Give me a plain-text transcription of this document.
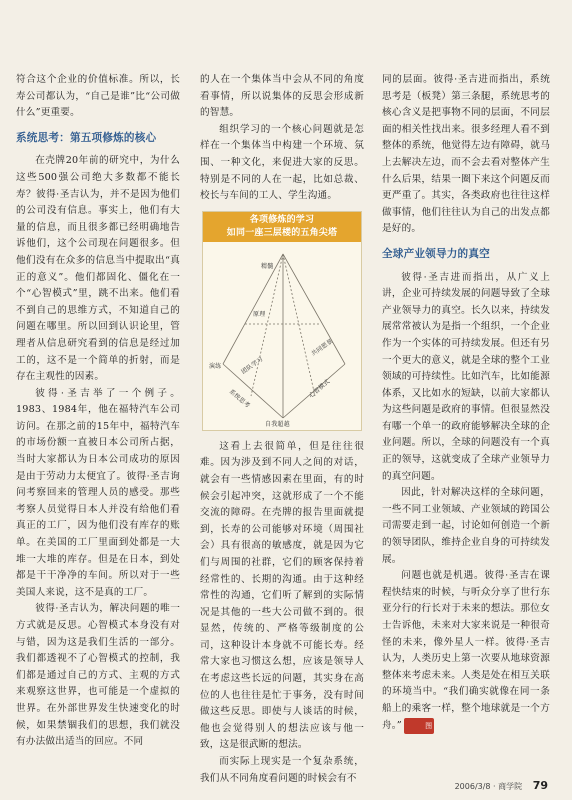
符合这个企业的价值标准。所以，长寿公司都认为，“自己是谁”比“公司做什么”更重要。

系统思考：第五项修炼的核心

在壳牌20年前的研究中，为什么这些500强公司绝大多数都不能长寿？彼得·圣吉认为，并不是因为他们的公司没有信息。事实上，他们有大量的信息，而且很多都已经明确地告诉他们，这个公司现在问题很多。但他们没有在众多的信息当中提取出“真正的意义”。他们都固化、僵化在一个“心智模式”里，跳不出来。他们看不到自己的思维方式，不知道自己的问题在哪里。所以回到认识论里，管理者从信息研究看到的信息是经过加工的，这不是一个简单的折射，而是存在主观性的因素。

彼得·圣吉举了一个例子。1983、1984年，他在福特汽车公司访问。在那之前的15年中，福特汽车的市场份额一直被日本公司所占据，当时大家都认为日本公司成功的原因是由于劳动力太便宜了。彼得·圣吉询问考察回来的管理人员的感受。那些考察人员觉得日本人并没有给他们看真正的工厂，因为他们没有库存的账单。在美国的工厂里面到处都是一大堆一大堆的库存。但是在日本，到处都是干干净净的车间。所以对于一些美国人来说，这不是真的工厂。

彼得·圣吉认为，解决问题的唯一方式就是反思。心智模式本身没有对与错，因为这是我们生活的一部分。我们都透视不了心智模式的控制，我们都是通过自己的方式、主观的方式来观察这世界，也可能是一个虚拟的世界。在外部世界发生快速变化的时候，如果禁锢我们的思想，我们就没有办法做出适当的回应。不同

的人在一个集体当中会从不同的角度看事情，所以说集体的反思会形成新的智慧。

组织学习的一个核心问题就是怎样在一个集体当中构建一个环境、氛围、一种文化，来促进大家的反思。特别是不同的人在一起，比如总裁、校长与车间的工人、学生沟通。

各项修炼的学习
如同一座三层楼的五角尖塔
精髓
原理
演练	团队学习
共同愿景
系统思考	心智模式
自我超越

这看上去很简单，但是往往很难。因为涉及到不同人之间的对话，就会有一些情感因素在里面，有的时候会引起冲突，这就形成了一个不能交流的障碍。在壳牌的报告里面就提到，长寿的公司能够对环境（周围社会）具有很高的敏感度，就是因为它们与周围的社群，它们的顾客保持着经常性的、长期的沟通。由于这种经常性的沟通，它们听了解到的实际情况是其他的一些大公司做不到的。很显然，传统的、严格等级制度的公司，这种设计本身就不可能长寿。经常大家也习惯这么想，应该是领导人在考虑这些长远的问题，其实身在高位的人也往往是忙于事务，没有时间做这些反思。即使与人谈话的时候，他也会觉得别人的想法应该与他一致，这是很武断的想法。

而实际上现实是一个复杂系统，我们从不同角度看问题的时候会有不

同的层面。彼得·圣吉进而指出，系统思考是（板凳）第三条腿，系统思考的核心含义是把事物不同的层面，不同层面的相关性找出来。很多经理人看不到整体的系统，他觉得左边有障碍，就马上去解决左边，而不会去看对整体产生什么后果，结果一圈下来这个问题反而更严重了。其实，各类政府也往往这样做事情，他们往往认为自己的出发点都是好的。

全球产业领导力的真空

彼得·圣吉进而指出，从广义上讲，企业可持续发展的问题导致了全球产业领导力的真空。长久以来，持续发展常常被认为是指一个组织，一个企业作为一个实体的可持续发展。但还有另一个更大的意义，就是全球的整个工业领域的可持续性。比如汽车，比如能源体系，又比如水的短缺，以前大家都认为这些问题是政府的事情。但很显然没有哪一个单一的政府能够解决全球的企业问题。所以，全球的问题没有一个真正的领导，这就变成了全球产业领导力的真空问题。

因此，针对解决这样的全球问题，一些不同工业领域、产业领域的跨国公司需要走到一起，讨论如何创造一个新的领导团队，维持企业自身的可持续发展。

问题也就是机遇。彼得·圣吉在课程快结束的时候，与听众分享了世行东亚分行的行长对于未来的想法。那位女士告诉他，未来对大家来说是一种很奇怪的未来，像外星人一样。彼得·圣吉认为，人类历史上第一次要从地球资源整体来考虑未来。人类是处在相互关联的环境当中。“我们确实就像在同一条船上的乘客一样，整个地球就是一个方舟。”	图

2006/3/8 · 商学院 79
